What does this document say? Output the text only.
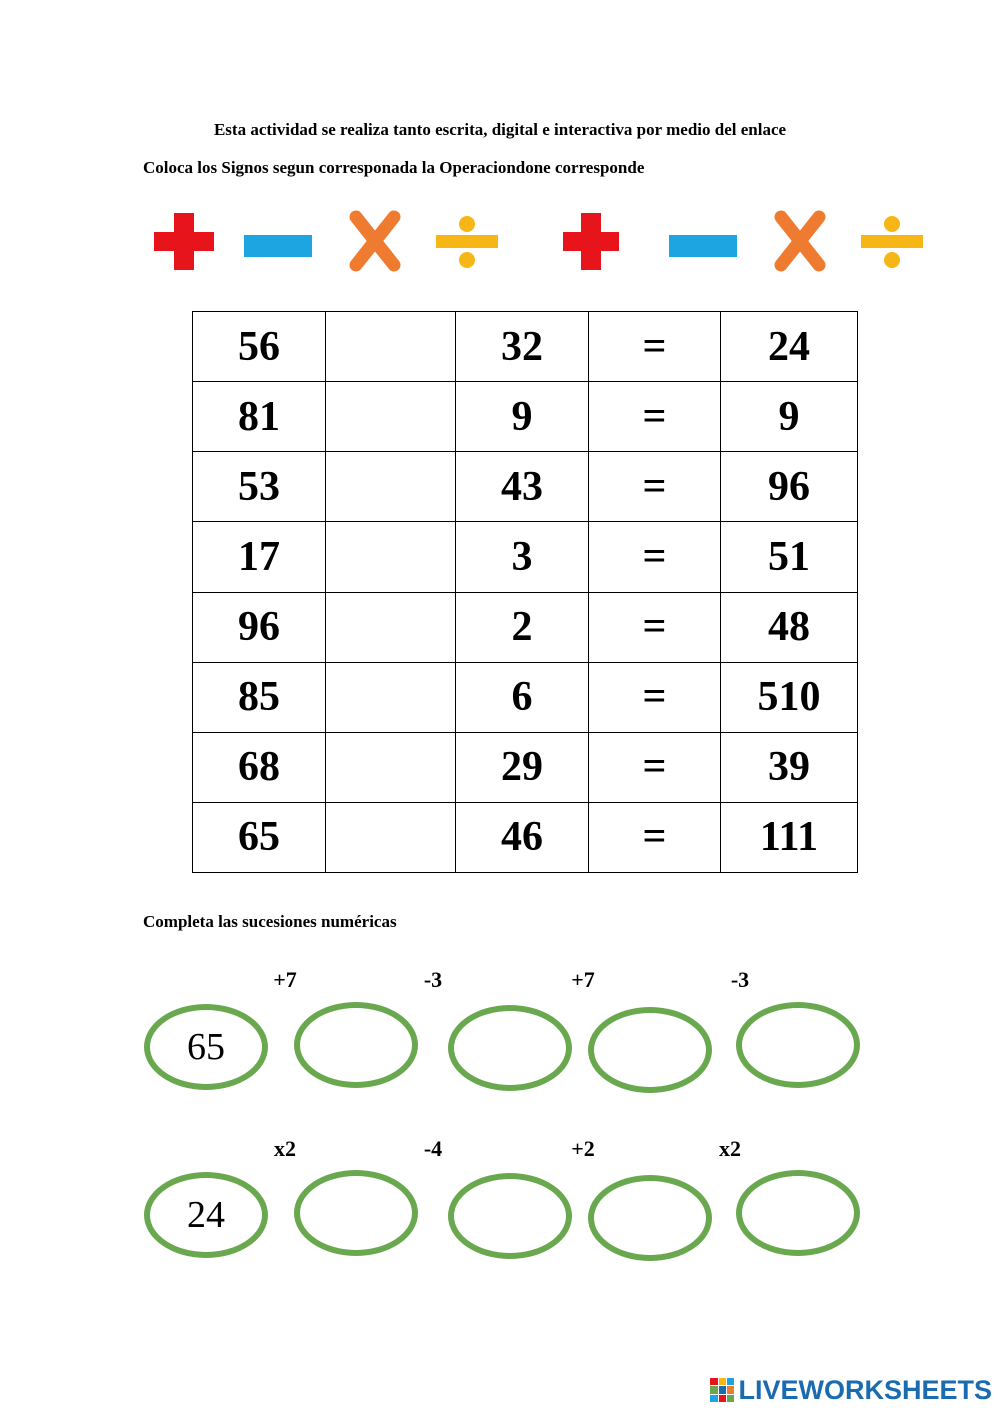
Esta actividad se realiza tanto escrita, digital e interactiva por medio del enlace
Coloca los Signos segun corresponada la Operaciondone corresponde
56		32	=	24
81		9	=	9
53		43	=	96
17		3	=	51
96		2	=	48
85		6	=	510
68		29	=	39
65		46	=	111
Completa las sucesiones numéricas
+7	-3	+7	-3
65
x2	-4	+2	x2
24
LIVEWORKSHEETS
